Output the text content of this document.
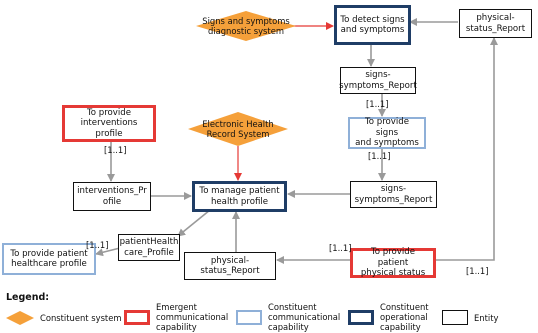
Signs and symptoms
diagnostic system
Electronic Health
Record System
To detect signs
and symptoms
physical-
status_Report
signs-
symptoms_Report
To provide signs
and symptoms
signs-
symptoms_Report
To provide
interventions profile
interventions_Pr
ofile
To manage patient
health profile
patientHealth
care_Profile
To provide patient
healthcare profile	physical-
status_Report
To provide patient
physical status
[1..1]
[1..1]
[1..1]
[1..1]	[1..1]
[1..1]
Legend:
Constituent system
Emergent
communicational
capability
Constituent
communicational
capability
Constituent
operational
capability
Entity
